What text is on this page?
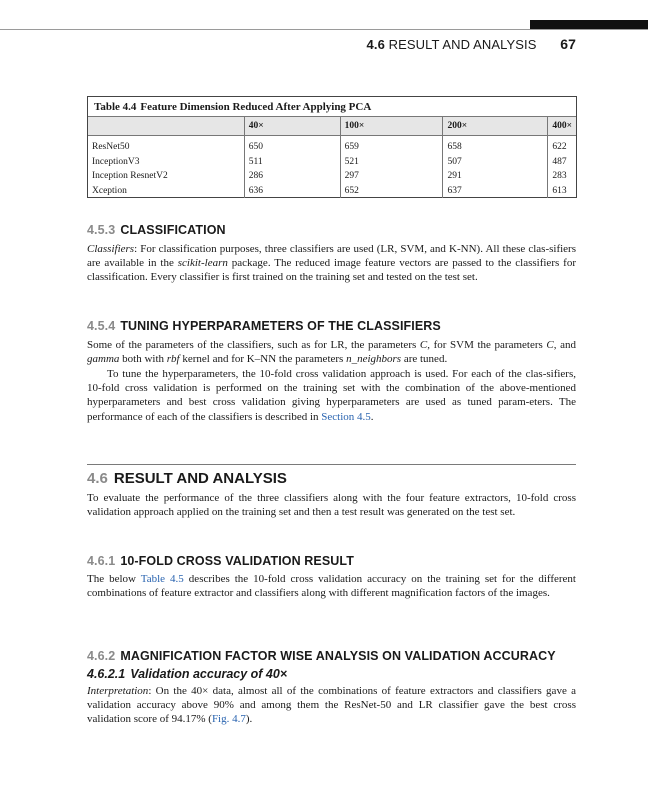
4.6 RESULT AND ANALYSIS 67
Table 4.4 Feature Dimension Reduced After Applying PCA
	40×	100×	200×	400×
ResNet50	650	659	658	622
InceptionV3	511	521	507	487
Inception ResnetV2	286	297	291	283
Xception	636	652	637	613
4.5.3 CLASSIFICATION
Classifiers: For classification purposes, three classifiers are used (LR, SVM, and K-NN). All these clas-sifiers are available in the scikit-learn package. The reduced image feature vectors are passed to the classifiers for classification. Every classifier is first trained on the training set and tested on the test set.
4.5.4 TUNING HYPERPARAMETERS OF THE CLASSIFIERS
Some of the parameters of the classifiers, such as for LR, the parameters C, for SVM the parameters C, and gamma both with rbf kernel and for K–NN the parameters n_neighbors are tuned.
To tune the hyperparameters, the 10-fold cross validation approach is used. For each of the clas-sifiers, 10-fold cross validation is performed on the training set with the combination of the above-mentioned hyperparameters and best cross validation giving hyperparameters are used as tuned param-eters. The performance of each of the classifiers is described in Section 4.5.
4.6 RESULT AND ANALYSIS
To evaluate the performance of the three classifiers along with the four feature extractors, 10-fold cross validation approach applied on the training set and then a test result was generated on the test set.
4.6.1 10-FOLD CROSS VALIDATION RESULT
The below Table 4.5 describes the 10-fold cross validation accuracy on the training set for the different combinations of feature extractor and classifiers along with different magnification factors of the images.
4.6.2 MAGNIFICATION FACTOR WISE ANALYSIS ON VALIDATION ACCURACY
4.6.2.1 Validation accuracy of 40×
Interpretation: On the 40× data, almost all of the combinations of feature extractors and classifiers gave a validation accuracy above 90% and among them the ResNet-50 and LR classifier gave the best cross validation score of 94.17% (Fig. 4.7).
